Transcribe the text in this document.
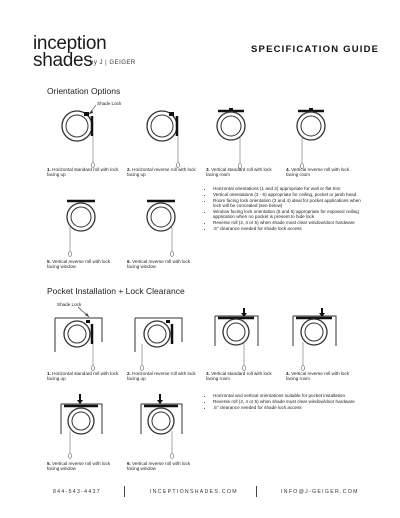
inception
shades
by J | GEIGER
SPECIFICATION GUIDE
Orientation Options
Shade Lock
1. Horizontal standard roll with lock facing up
2. Horizontal reverse roll with lock facing up
3. Vertical standard roll with lock facing room
4. Vertical reverse roll with lock facing room
5. Vertical reverse roll with lock facing window
6. Vertical reverse roll with lock facing window
• Horizontal orientations (1 and 2) appropriate for wall or flat trim
• Vertical orientations (3 - 6) appropriate for ceiling, pocket or jamb head
• Room facing lock orientation (3 and 4) ideal for pocket applications when lock will be concealed (see below)
• Window facing lock orientation (5 and 6) appropriate for exposed ceiling application when no pocket is present to hide lock
• Reverse roll (2, 4 or 5) when shade must clear window/door hardware
• .5" clearance needed for shade lock access
Pocket Installation + Lock Clearance
Shade Lock
1. Horizontal standard roll with lock facing up
2. Horizontal reverse roll with lock facing up
3. Vertical standard roll with lock facing room
4. Vertical reverse roll with lock facing room
5. Vertical reverse roll with lock facing window
6. Vertical reverse roll with lock facing window
• Horizontal and vertical orientations suitable for pocket installation
• Reverse roll (2, 4 or 5) when shade must clear window/door hardware
• .5" clearance needed for shade lock access
844-543-4437	INCEPTIONSHADES.COM	INFO@J-GEIGER.COM
